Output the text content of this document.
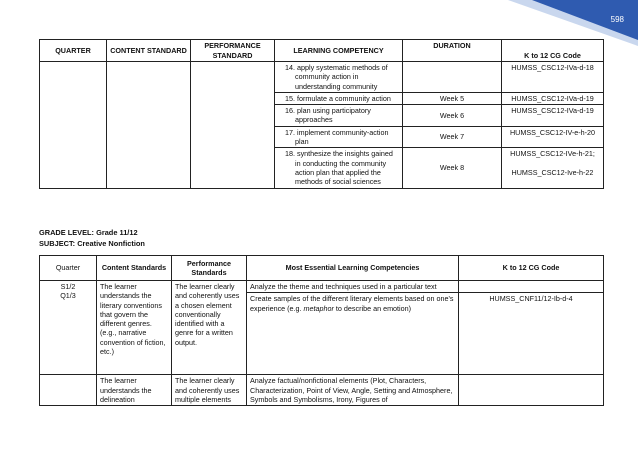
598
QUARTER	CONTENT STANDARD	PERFORMANCE STANDARD	LEARNING COMPETENCY	DURATION	K to 12 CG Code
			14. apply systematic methods of community action in understanding community		HUMSS_CSC12-IVa-d-18
			15. formulate a community action	Week 5	HUMSS_CSC12-IVa-d-19
			16. plan using participatory approaches	Week 6	HUMSS_CSC12-IVa-d-19
			17. implement community-action plan	Week 7	HUMSS_CSC12-IV-e-h-20
			18. synthesize the insights gained in conducting the community action plan that applied the methods of social sciences	Week 8	HUMSS_CSC12-IVe-h-21;
HUMSS_CSC12-Ive-h-22
GRADE LEVEL: Grade 11/12
SUBJECT: Creative Nonfiction
Quarter	Content Standards	Performance Standards	Most Essential Learning Competencies	K to 12 CG Code

S1/2
Q1/3	The learner understands the literary conventions that govern the different genres. (e.g., narrative convention of fiction, etc.)	The learner clearly and coherently uses a chosen element conventionally identified with a genre for a written output.	Analyze the theme and techniques used in a particular text	
			Create samples of the different literary elements based on one’s experience (e.g. metaphor to describe an emotion)	HUMSS_CNF11/12-Ib-d-4
	The learner understands the delineation	The learner clearly and coherently uses multiple elements	Analyze factual/nonfictional elements (Plot, Characters, Characterization, Point of View, Angle, Setting and Atmosphere, Symbols and Symbolisms, Irony, Figures of	
